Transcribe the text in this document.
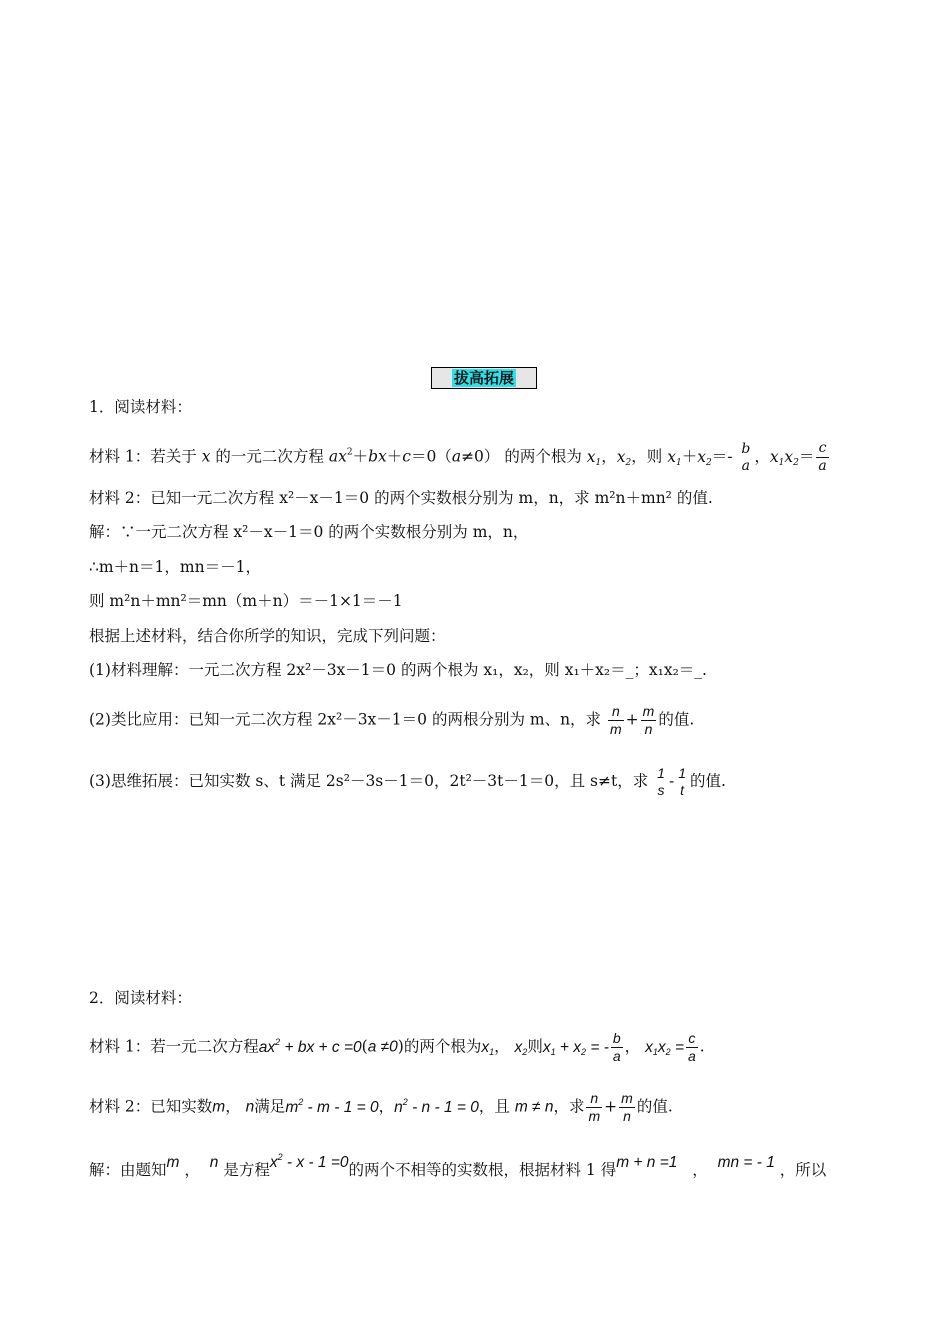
拔高拓展
1．阅读材料：
材料 1：若关于 x 的一元二次方程 $ax^2+bx+c=0(a\ne 0)$ 的两个根为 $x_1$，$x_2$，则 $x_1+x_2=-$ b
a ，$x_1x_2= \frac{c}{a}$
材料 2：已知一元二次方程 x²－x－1＝0 的两个实数根分别为 m，n，求 m²n＋mn² 的值.
解：∵一元二次方程 x²－x－1＝0 的两个实数根分别为 m，n，
∴m＋n＝1，mn＝－1，
则 m²n＋mn²＝mn（m＋n）＝－1×1＝－1
根据上述材料，结合你所学的知识，完成下列问题：
(1)材料理解：一元二次方程 2x²－3x－1＝0 的两个根为 x₁，x₂，则 x₁＋x₂＝_；x₁x₂＝_.
(2)类比应用：已知一元二次方程 2x²－3x－1＝0 的两根分别为 m、n，求 $\frac{n}{m} + \frac{m}{n}$ 的值.
(3)思维拓展：已知实数 s、t 满足 2s²－3s－1＝0，2t²－3t－1＝0，且 s≠t，求 1
s - 1
t 的值.
2．阅读材料：
材料 1：若一元二次方程$ax^2$ + bx + c =0(a ≠0)的两个根为$x_1$， $x_2$则$x_1 + x_2$ = - $\frac{b}{a}$ ， $x_1x_2 = \frac{c}{a}$ .
材料 2：已知实数m， n满足$m^2 - m - 1 = 0$，$n^2 - n - 1 = 0$，且 m ≠ n，求 $\frac{n}{m} + \frac{m}{n}$ 的值.
解：由题知m ， n 是方程$x^2 - x - 1 =0$的两个不相等的实数根，根据材料 1 得m + n =1 ， mn = - 1 ，所以
